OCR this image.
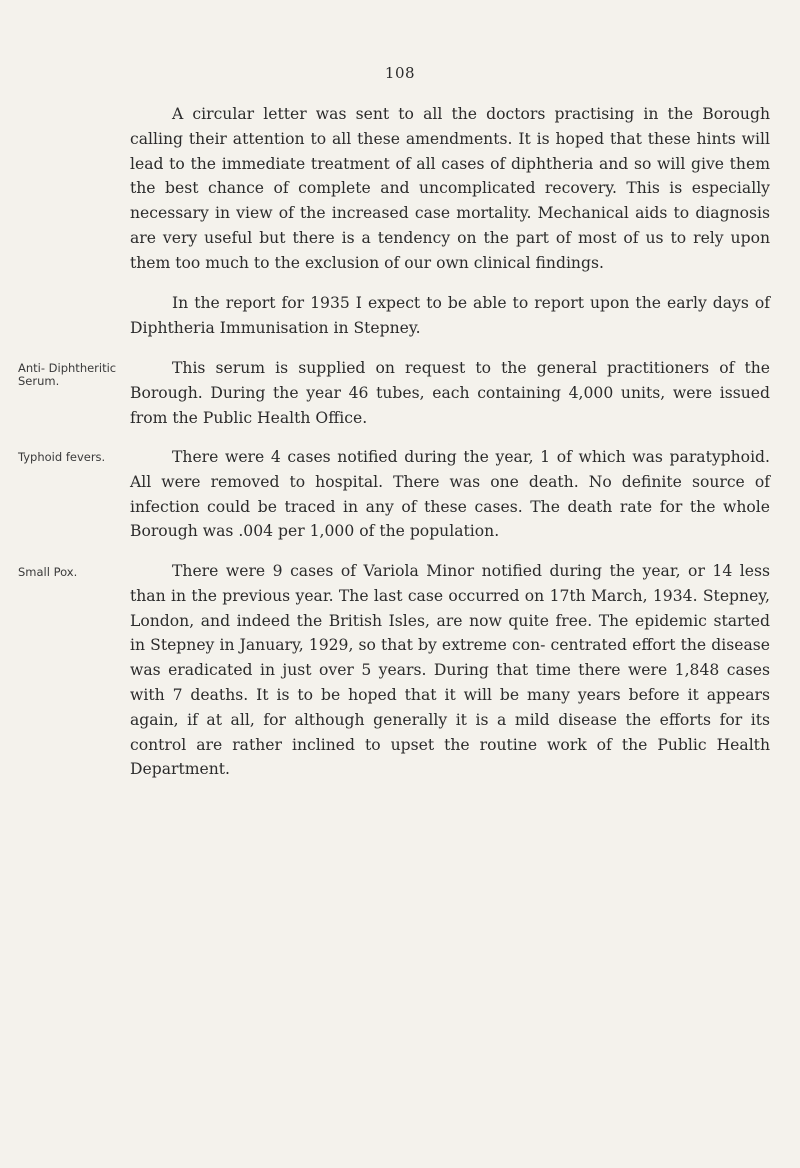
108

A circular letter was sent to all the doctors practising in the Borough calling their attention to all these amendments. It is hoped that these hints will lead to the immediate treatment of all cases of diphtheria and so will give them the best chance of complete and uncomplicated recovery. This is especially necessary in view of the increased case mortality. Mechanical aids to diagnosis are very useful but there is a tendency on the part of most of us to rely upon them too much to the exclusion of our own clinical findings.

In the report for 1935 I expect to be able to report upon the early days of Diphtheria Immunisation in Stepney.

Anti- Diphtheritic Serum.

This serum is supplied on request to the general practitioners of the Borough. During the year 46 tubes, each containing 4,000 units, were issued from the Public Health Office.

Typhoid fevers.	There were 4 cases notified during the year, 1 of which was paratyphoid. All were removed to hospital. There was one death. No definite source of infection could be traced in any of these cases. The death rate for the whole Borough was .004 per 1,000 of the population.

Small Pox.	There were 9 cases of Variola Minor notified during the year, or 14 less than in the previous year. The last case occurred on 17th March, 1934. Stepney, London, and indeed the British Isles, are now quite free. The epidemic started in Stepney in January, 1929, so that by extreme con- centrated effort the disease was eradicated in just over 5 years. During that time there were 1,848 cases with 7 deaths. It is to be hoped that it will be many years before it appears again, if at all, for although generally it is a mild disease the efforts for its control are rather inclined to upset the routine work of the Public Health Department.
